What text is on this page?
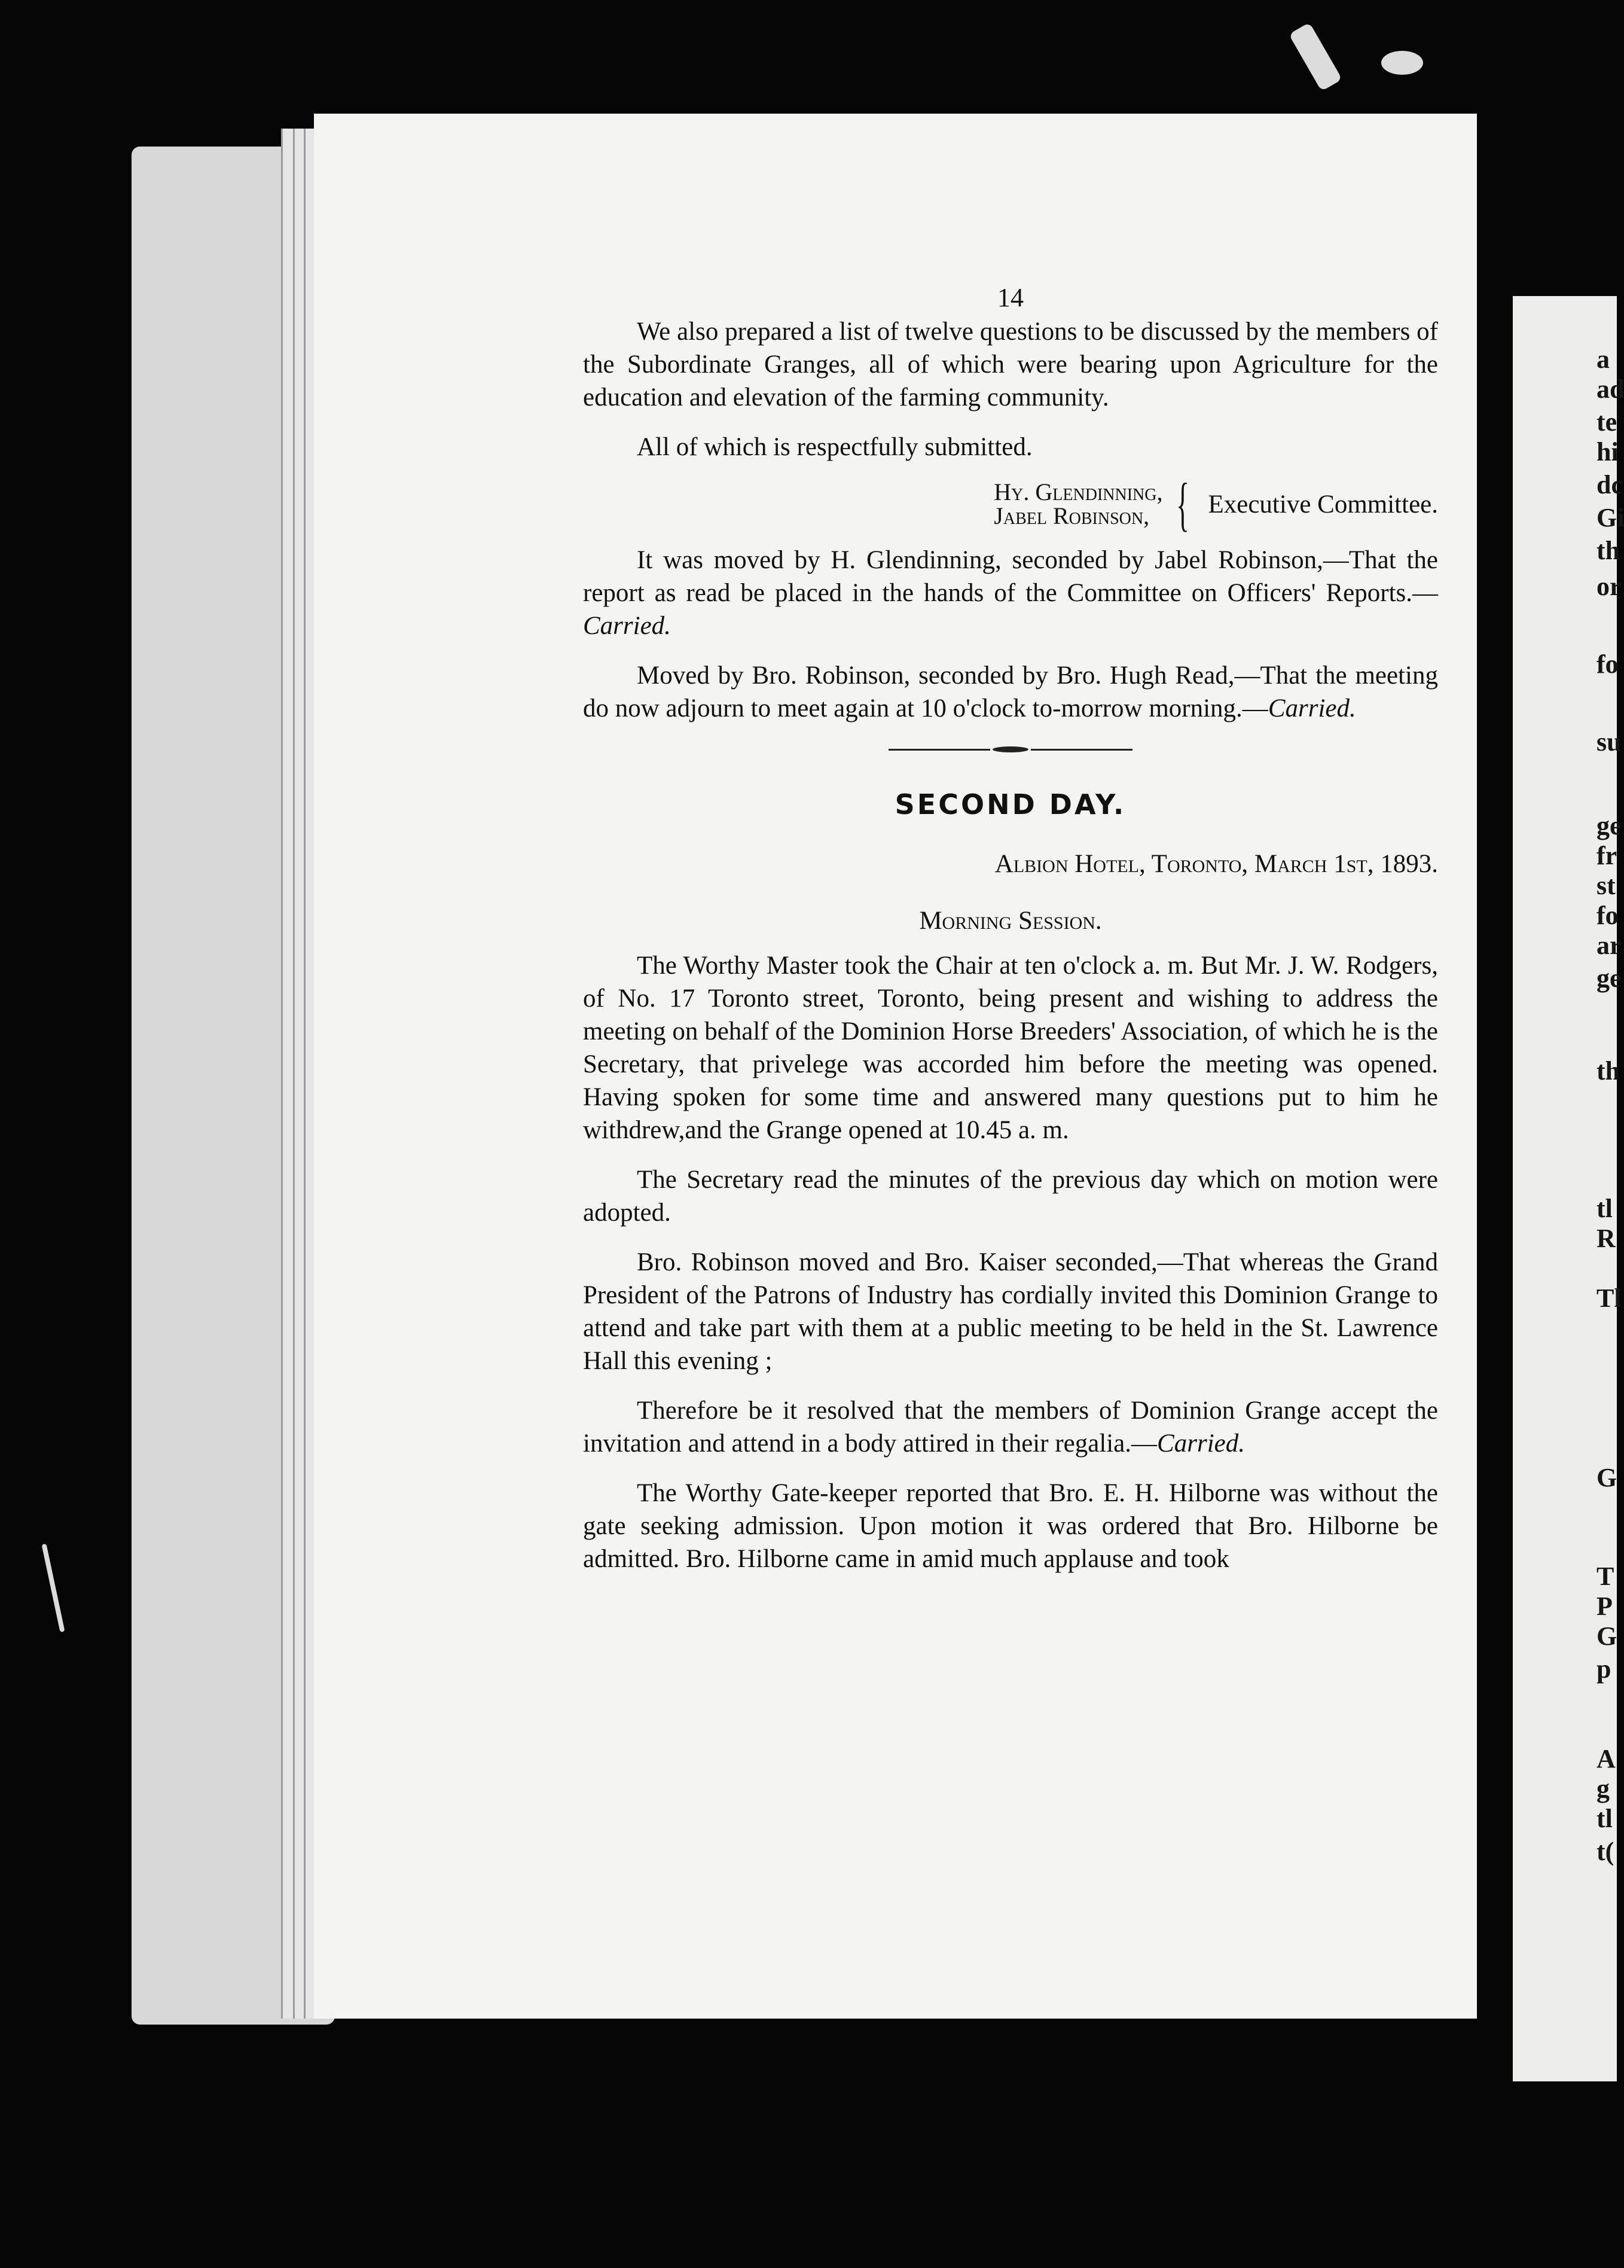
a
ad
te
hi
dc
Gi
th
or
fo
su
ge
fr
st
fo
ar
ge
th
tl
R
Tl
G
T
P
G
p
A
g
tl
t(
14

We also prepared a list of twelve questions to be discussed by the members of the Subordinate Granges, all of which were bearing upon Agriculture for the education and elevation of the farming community.

All of which is respectfully submitted.

Hy. Glendinning,
Jabel Robinson, { Executive Committee.

It was moved by H. Glendinning, seconded by Jabel Robinson,—That the report as read be placed in the hands of the Committee on Officers' Reports.—Carried.

Moved by Bro. Robinson, seconded by Bro. Hugh Read,—That the meeting do now adjourn to meet again at 10 o'clock to-morrow morning.—Carried.

SECOND DAY.
Albion Hotel, Toronto, March 1st, 1893.
Morning Session.

The Worthy Master took the Chair at ten o'clock a. m. But Mr. J. W. Rodgers, of No. 17 Toronto street, Toronto, being present and wishing to address the meeting on behalf of the Dominion Horse Breeders' Association, of which he is the Secretary, that privelege was accorded him before the meeting was opened. Having spoken for some time and answered many questions put to him he withdrew,and the Grange opened at 10.45 a. m.

The Secretary read the minutes of the previous day which on motion were adopted.

Bro. Robinson moved and Bro. Kaiser seconded,—That whereas the Grand President of the Patrons of Industry has cordially invited this Dominion Grange to attend and take part with them at a public meeting to be held in the St. Lawrence Hall this evening ;

Therefore be it resolved that the members of Dominion Grange accept the invitation and attend in a body attired in their regalia.—Carried.

The Worthy Gate-keeper reported that Bro. E. H. Hilborne was without the gate seeking admission. Upon motion it was ordered that Bro. Hilborne be admitted. Bro. Hilborne came in amid much applause and took
